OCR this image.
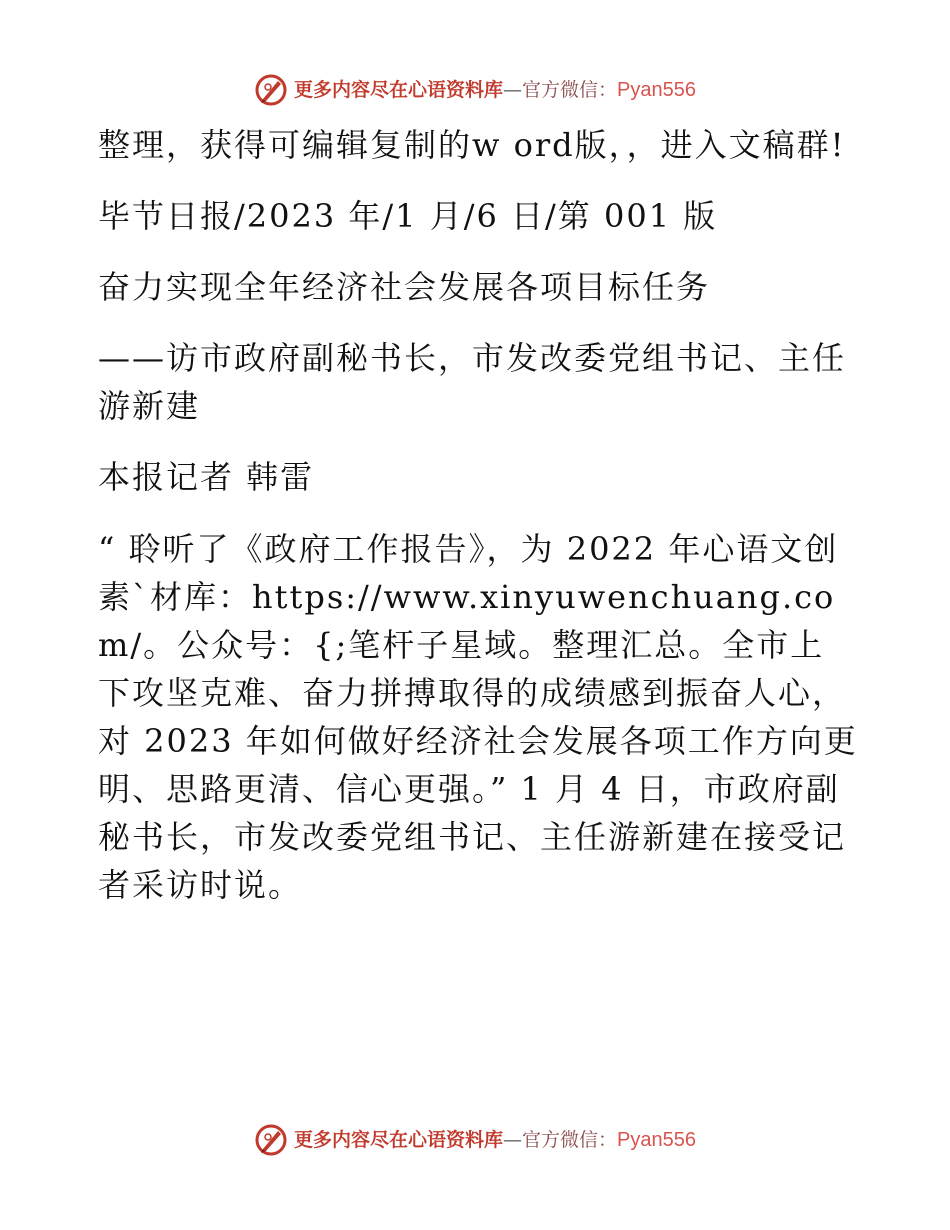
更多内容尽在心语资料库 — 官方微信： Pyan556

整理，获得可编辑复制的w ord版，，进入文稿群!

毕节日报/2023 年/1 月/6 日/第 001 版

奋力实现全年经济社会发展各项目标任务

——访市政府副秘书长，市发改委党组书记、主任游新建

本报记者 韩雷

“ 聆听了《政府工作报告》，为 2022 年心语文创素`材库：https://www.xinyuwenchuang.com/。公众号：{;笔杆子星域。整理汇总。全市上下攻坚克难、奋力拼搏取得的成绩感到振奋人心，对 2023 年如何做好经济社会发展各项工作方向更明、思路更清、信心更强。” 1 月 4 日，市政府副秘书长，市发改委党组书记、主任游新建在接受记者采访时说。

更多内容尽在心语资料库 — 官方微信： Pyan556
